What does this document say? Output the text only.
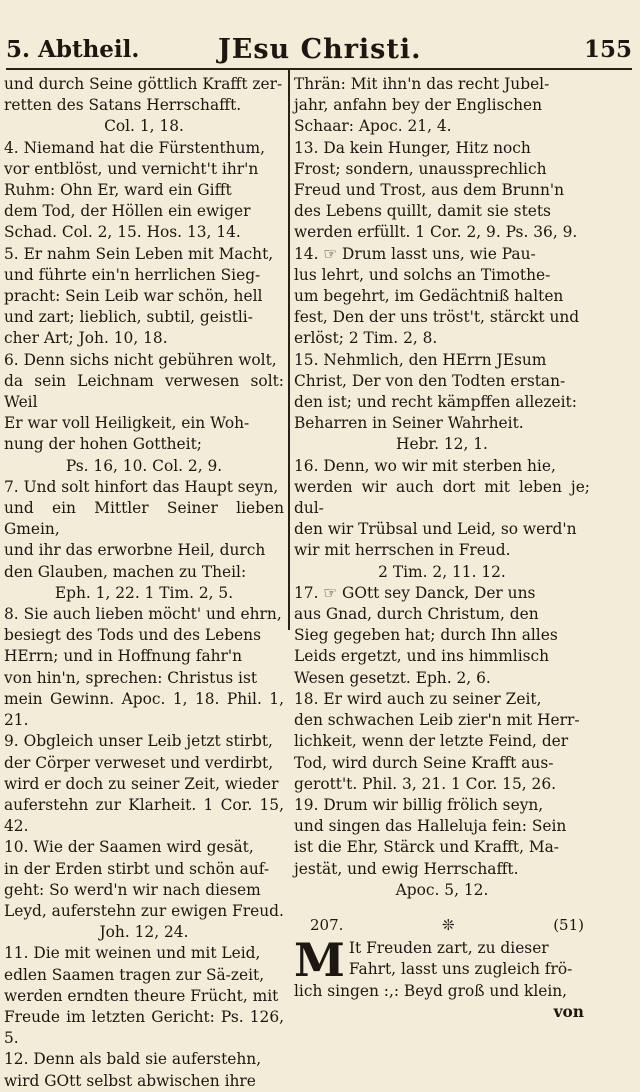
5. Abtheil.	JEsu Christi.	155

und durch Seine göttlich Krafft zer-

retten des Satans Herrschafft.

Col. 1, 18.

4. Niemand hat die Fürstenthum,

vor entblöst, und vernicht't ihr'n

Ruhm: Ohn Er, ward ein Gifft

dem Tod, der Höllen ein ewiger

Schad. Col. 2, 15. Hos. 13, 14.

5. Er nahm Sein Leben mit Macht,

und führte ein'n herrlichen Sieg-

pracht: Sein Leib war schön, hell

und zart; lieblich, subtil, geistli-

cher Art; Joh. 10, 18.

6. Denn sichs nicht gebühren wolt,

da sein Leichnam verwesen solt: Weil

Er war voll Heiligkeit, ein Woh-

nung der hohen Gottheit;

Ps. 16, 10. Col. 2, 9.

7. Und solt hinfort das Haupt seyn,

und ein Mittler Seiner lieben Gmein,

und ihr das erworbne Heil, durch

den Glauben, machen zu Theil:

Eph. 1, 22. 1 Tim. 2, 5.

8. Sie auch lieben möcht' und ehrn,

besiegt des Tods und des Lebens

HErrn; und in Hoffnung fahr'n

von hin'n, sprechen: Christus ist

mein Gewinn. Apoc. 1, 18. Phil. 1, 21.

9. Obgleich unser Leib jetzt stirbt,

der Cörper verweset und verdirbt,

wird er doch zu seiner Zeit, wieder

auferstehn zur Klarheit. 1 Cor. 15, 42.

10. Wie der Saamen wird gesät,

in der Erden stirbt und schön auf-

geht: So werd'n wir nach diesem

Leyd, auferstehn zur ewigen Freud.

Joh. 12, 24.

11. Die mit weinen und mit Leid,

edlen Saamen tragen zur Sä-zeit,

werden erndten theure Frücht, mit

Freude im letzten Gericht: Ps. 126, 5.

12. Denn als bald sie auferstehn,

wird GOtt selbst abwischen ihre

Thrän: Mit ihn'n das recht Jubel-

jahr, anfahn bey der Englischen

Schaar: Apoc. 21, 4.

13. Da kein Hunger, Hitz noch

Frost; sondern, unaussprechlich

Freud und Trost, aus dem Brunn'n

des Lebens quillt, damit sie stets

werden erfüllt. 1 Cor. 2, 9. Ps. 36, 9.

14. ☞ Drum lasst uns, wie Pau-

lus lehrt, und solchs an Timothe-

um begehrt, im Gedächtniß halten

fest, Den der uns tröst't, stärckt und

erlöst; 2 Tim. 2, 8.

15. Nehmlich, den HErrn JEsum

Christ, Der von den Todten erstan-

den ist; und recht kämpffen allezeit:

Beharren in Seiner Wahrheit.

Hebr. 12, 1.

16. Denn, wo wir mit sterben hie,

werden wir auch dort mit leben je; dul-

den wir Trübsal und Leid, so werd'n

wir mit herrschen in Freud.

2 Tim. 2, 11. 12.

17. ☞ GOtt sey Danck, Der uns

aus Gnad, durch Christum, den

Sieg gegeben hat; durch Ihn alles

Leids ergetzt, und ins himmlisch

Wesen gesetzt. Eph. 2, 6.

18. Er wird auch zu seiner Zeit,

den schwachen Leib zier'n mit Herr-

lichkeit, wenn der letzte Feind, der

Tod, wird durch Seine Krafft aus-

gerott't. Phil. 3, 21. 1 Cor. 15, 26.

19. Drum wir billig frölich seyn,

und singen das Halleluja fein: Sein

ist die Ehr, Stärck und Krafft, Ma-

jestät, und ewig Herrschafft.

Apoc. 5, 12.

207.	❊	(51)
M It Freuden zart, zu dieser

Fahrt, lasst uns zugleich frö-

lich singen :,: Beyd groß und klein,

von
